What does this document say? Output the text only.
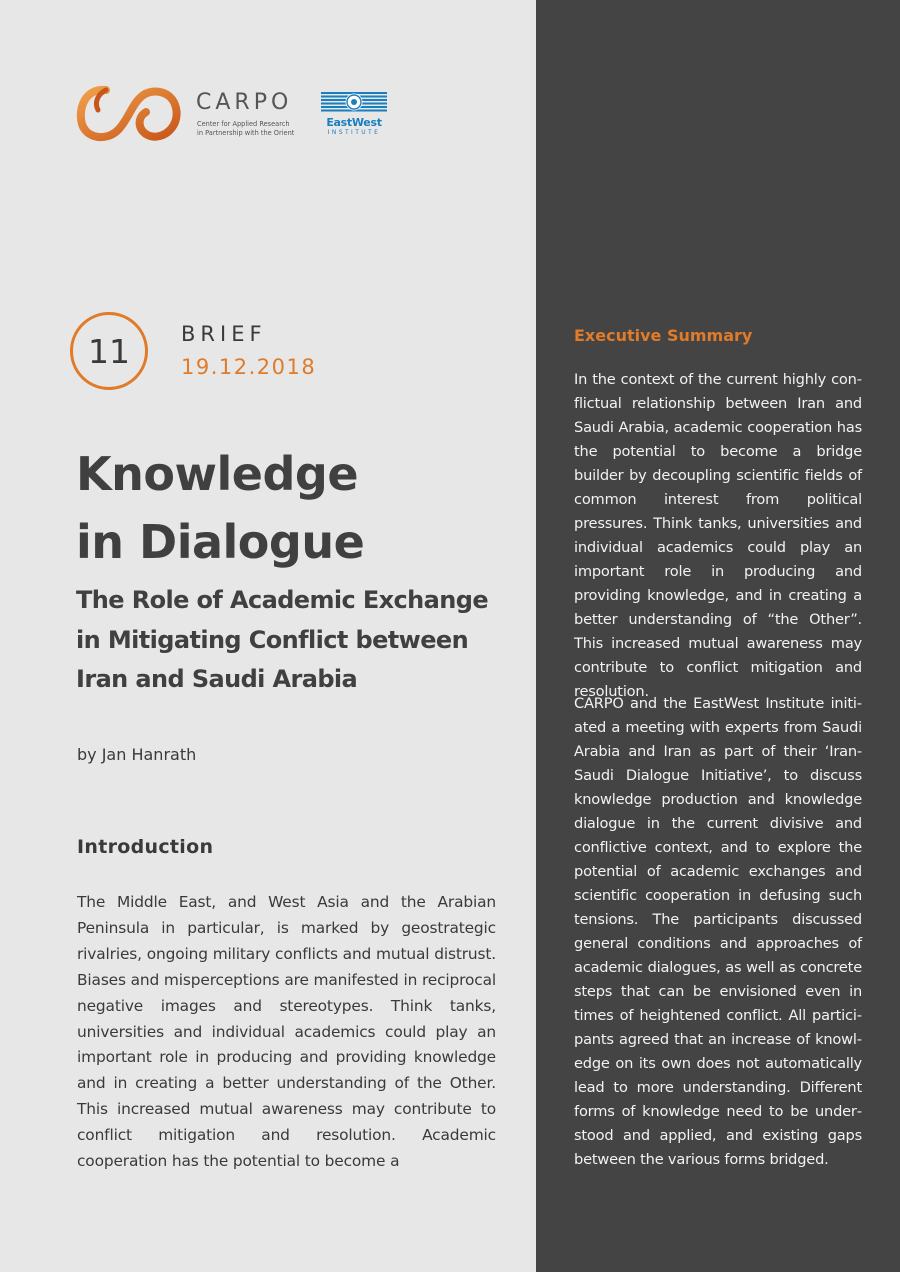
CARPO
Center for Applied Research
in Partnership with the Orient
EastWest
INSTITUTE
11 BRIEF
19.12.2018
Knowledge
in Dialogue
The Role of Academic Exchange
in Mitigating Conflict between
Iran and Saudi Arabia
by Jan Hanrath
Introduction

The Middle East, and West Asia and the Arabian Peninsula in particular, is marked by geostrategic rivalries, ongoing military conflicts and mutual distrust. Biases and misperceptions are manifested in reciprocal negative images and stereotypes. Think tanks, universities and individual academics could play an important role in producing and providing knowledge and in creating a better understanding of the Other. This increased mutual awareness may contribute to conflict mitigation and resolution. Academic cooperation has the potential to become a

Executive Summary

In the context of the current highly conflictual relationship between Iran and Saudi Arabia, academic cooperation has the potential to become a bridge builder by decoupling scientific fields of common interest from political pressures. Think tanks, universities and individual academics could play an important role in producing and providing knowledge, and in creating a better understanding of “the Other”. This increased mutual awareness may contribute to conflict mitigation and resolution.

CARPO and the EastWest Institute initiated a meeting with experts from Saudi Arabia and Iran as part of their ‘Iran-Saudi Dialogue Initiative’, to discuss knowledge production and knowledge dialogue in the current divisive and conflictive context, and to explore the potential of academic exchanges and scientific cooperation in defusing such tensions. The participants discussed general conditions and approaches of academic dialogues, as well as concrete steps that can be envisioned even in times of heightened conflict. All participants agreed that an increase of knowledge on its own does not automatically lead to more understanding. Different forms of knowledge need to be understood and applied, and existing gaps between the various forms bridged.
